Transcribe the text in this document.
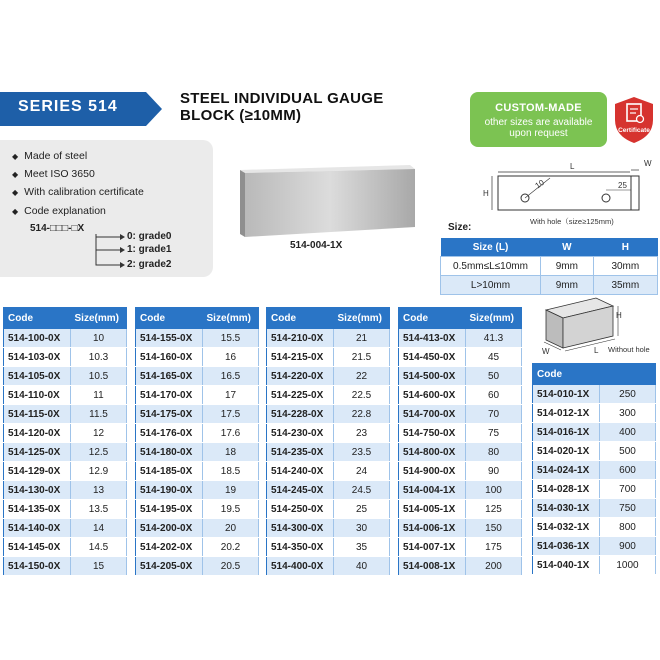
SERIES 514	STEEL INDIVIDUAL GAUGE
BLOCK (≥10MM)	CUSTOM-MADE
other sizes are available
upon request	Certificate
◆ Made of steel
◆ Meet ISO 3650
◆ With calibration certificate
◆ Code explanation
514-□□□-□X
0: grade0
1: grade1
2: grade2
514-004-1X
L	W
H
10	25
With hole（size≥125mm)
Size:
Size (L)	W	H
0.5mm≤L≤10mm	9mm	30mm
L>10mm	9mm	35mm
H
W	L Without hole
Code	Size(mm)
514-100-0X	10
514-103-0X	10.3
514-105-0X	10.5
514-110-0X	11
514-115-0X	11.5
514-120-0X	12
514-125-0X	12.5
514-129-0X	12.9
514-130-0X	13
514-135-0X	13.5
514-140-0X	14
514-145-0X	14.5
514-150-0X	15
Code	Size(mm)
514-155-0X	15.5
514-160-0X	16
514-165-0X	16.5
514-170-0X	17
514-175-0X	17.5
514-176-0X	17.6
514-180-0X	18
514-185-0X	18.5
514-190-0X	19
514-195-0X	19.5
514-200-0X	20
514-202-0X	20.2
514-205-0X	20.5
Code	Size(mm)
514-210-0X	21
514-215-0X	21.5
514-220-0X	22
514-225-0X	22.5
514-228-0X	22.8
514-230-0X	23
514-235-0X	23.5
514-240-0X	24
514-245-0X	24.5
514-250-0X	25
514-300-0X	30
514-350-0X	35
514-400-0X	40
Code	Size(mm)
514-413-0X	41.3
514-450-0X	45
514-500-0X	50
514-600-0X	60
514-700-0X	70
514-750-0X	75
514-800-0X	80
514-900-0X	90
514-004-1X	100
514-005-1X	125
514-006-1X	150
514-007-1X	175
514-008-1X	200
Code	
514-010-1X	250
514-012-1X	300
514-016-1X	400
514-020-1X	500
514-024-1X	600
514-028-1X	700
514-030-1X	750
514-032-1X	800
514-036-1X	900
514-040-1X	1000
